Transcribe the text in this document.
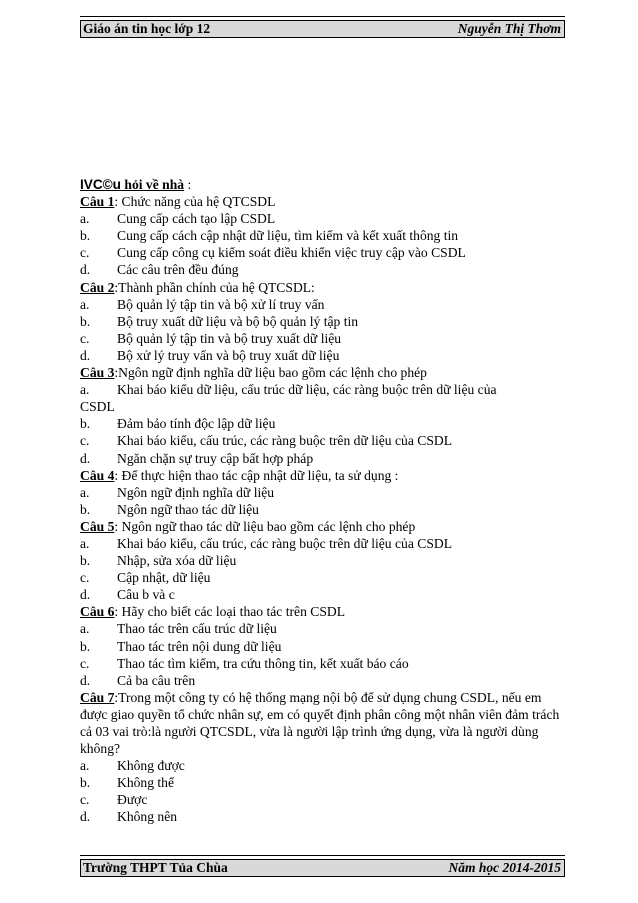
Giáo án tin học lớp 12	Nguyễn Thị Thơm
IVC©u hỏi về nhà :
Câu 1: Chức năng của hệ QTCSDL
a. Cung cấp cách tạo lập CSDL
b. Cung cấp cách cập nhật dữ liệu, tìm kiếm và kết xuất thông tin
c. Cung cấp công cụ kiểm soát điều khiển việc truy cập vào CSDL
d. Các câu trên đều đúng
Câu 2:Thành phần chính của hệ QTCSDL:
a. Bộ quản lý tập tin và bộ xử lí truy vấn
b. Bộ truy xuất dữ liệu và bộ bộ quản lý tập tin
c. Bộ quản lý tập tin và bộ truy xuất dữ liệu
d. Bộ xử lý truy vấn và bộ truy xuất dữ liệu
Câu 3:Ngôn ngữ định nghĩa dữ liệu bao gồm các lệnh cho phép
a. Khai báo kiểu dữ liệu, cấu trúc dữ liệu, các ràng buộc trên dữ liệu của
CSDL
b. Đảm bảo tính độc lập dữ liệu
c. Khai báo kiểu, cấu trúc, các ràng buộc trên dữ liệu của CSDL
d. Ngăn chặn sự truy cập bất hợp pháp
Câu 4: Để thực hiện thao tác cập nhật dữ liệu, ta sử dụng :
a. Ngôn ngữ định nghĩa dữ liệu
b. Ngôn ngữ thao tác dữ liệu
Câu 5: Ngôn ngữ thao tác dữ liệu bao gồm các lệnh cho phép
a. Khai báo kiểu, cấu trúc, các ràng buộc trên dữ liệu của CSDL
b. Nhập, sửa xóa dữ liệu
c. Cập nhật, dữ liệu
d. Câu b và c
Câu 6: Hãy cho biết các loại thao tác trên CSDL
a. Thao tác trên cấu trúc dữ liệu
b. Thao tác trên nội dung dữ liệu
c. Thao tác tìm kiếm, tra cứu thông tin, kết xuất báo cáo
d. Cả ba câu trên
Câu 7:Trong một công ty có hệ thống mạng nội bộ để sử dụng chung CSDL, nếu em được giao quyền tổ chức nhân sự, em có quyết định phân công một nhân viên đảm trách cả 03 vai trò:là người QTCSDL, vừa là người lập trình ứng dụng, vừa là người dùng không?
a. Không được
b. Không thể
c. Được
d. Không nên
Trường THPT Tủa Chùa	Năm học 2014-2015
